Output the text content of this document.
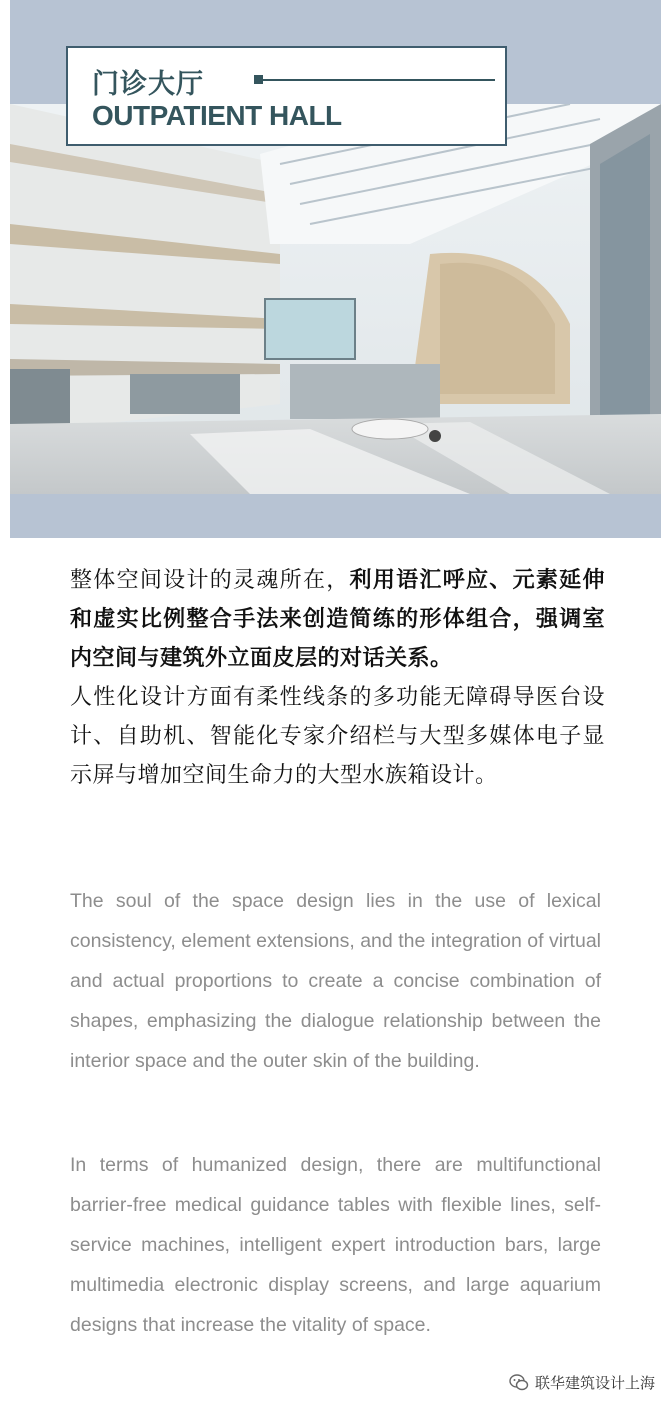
门诊大厅
OUTPATIENT HALL

整体空间设计的灵魂所在，利用语汇呼应、元素延伸和虚实比例整合手法来创造简练的形体组合，强调室内空间与建筑外立面皮层的对话关系。
人性化设计方面有柔性线条的多功能无障碍导医台设计、自助机、智能化专家介绍栏与大型多媒体电子显示屏与增加空间生命力的大型水族箱设计。

The soul of the space design lies in the use of lexical consistency, element extensions, and the integration of virtual and actual proportions to create a concise combination of shapes, emphasizing the dialogue relationship between the interior space and the outer skin of the building.

In terms of humanized design, there are multifunctional barrier-free medical guidance tables with flexible lines, self-service machines, intelligent expert introduction bars, large multimedia electronic display screens, and large aquarium designs that increase the vitality of space.

联华建筑设计上海
